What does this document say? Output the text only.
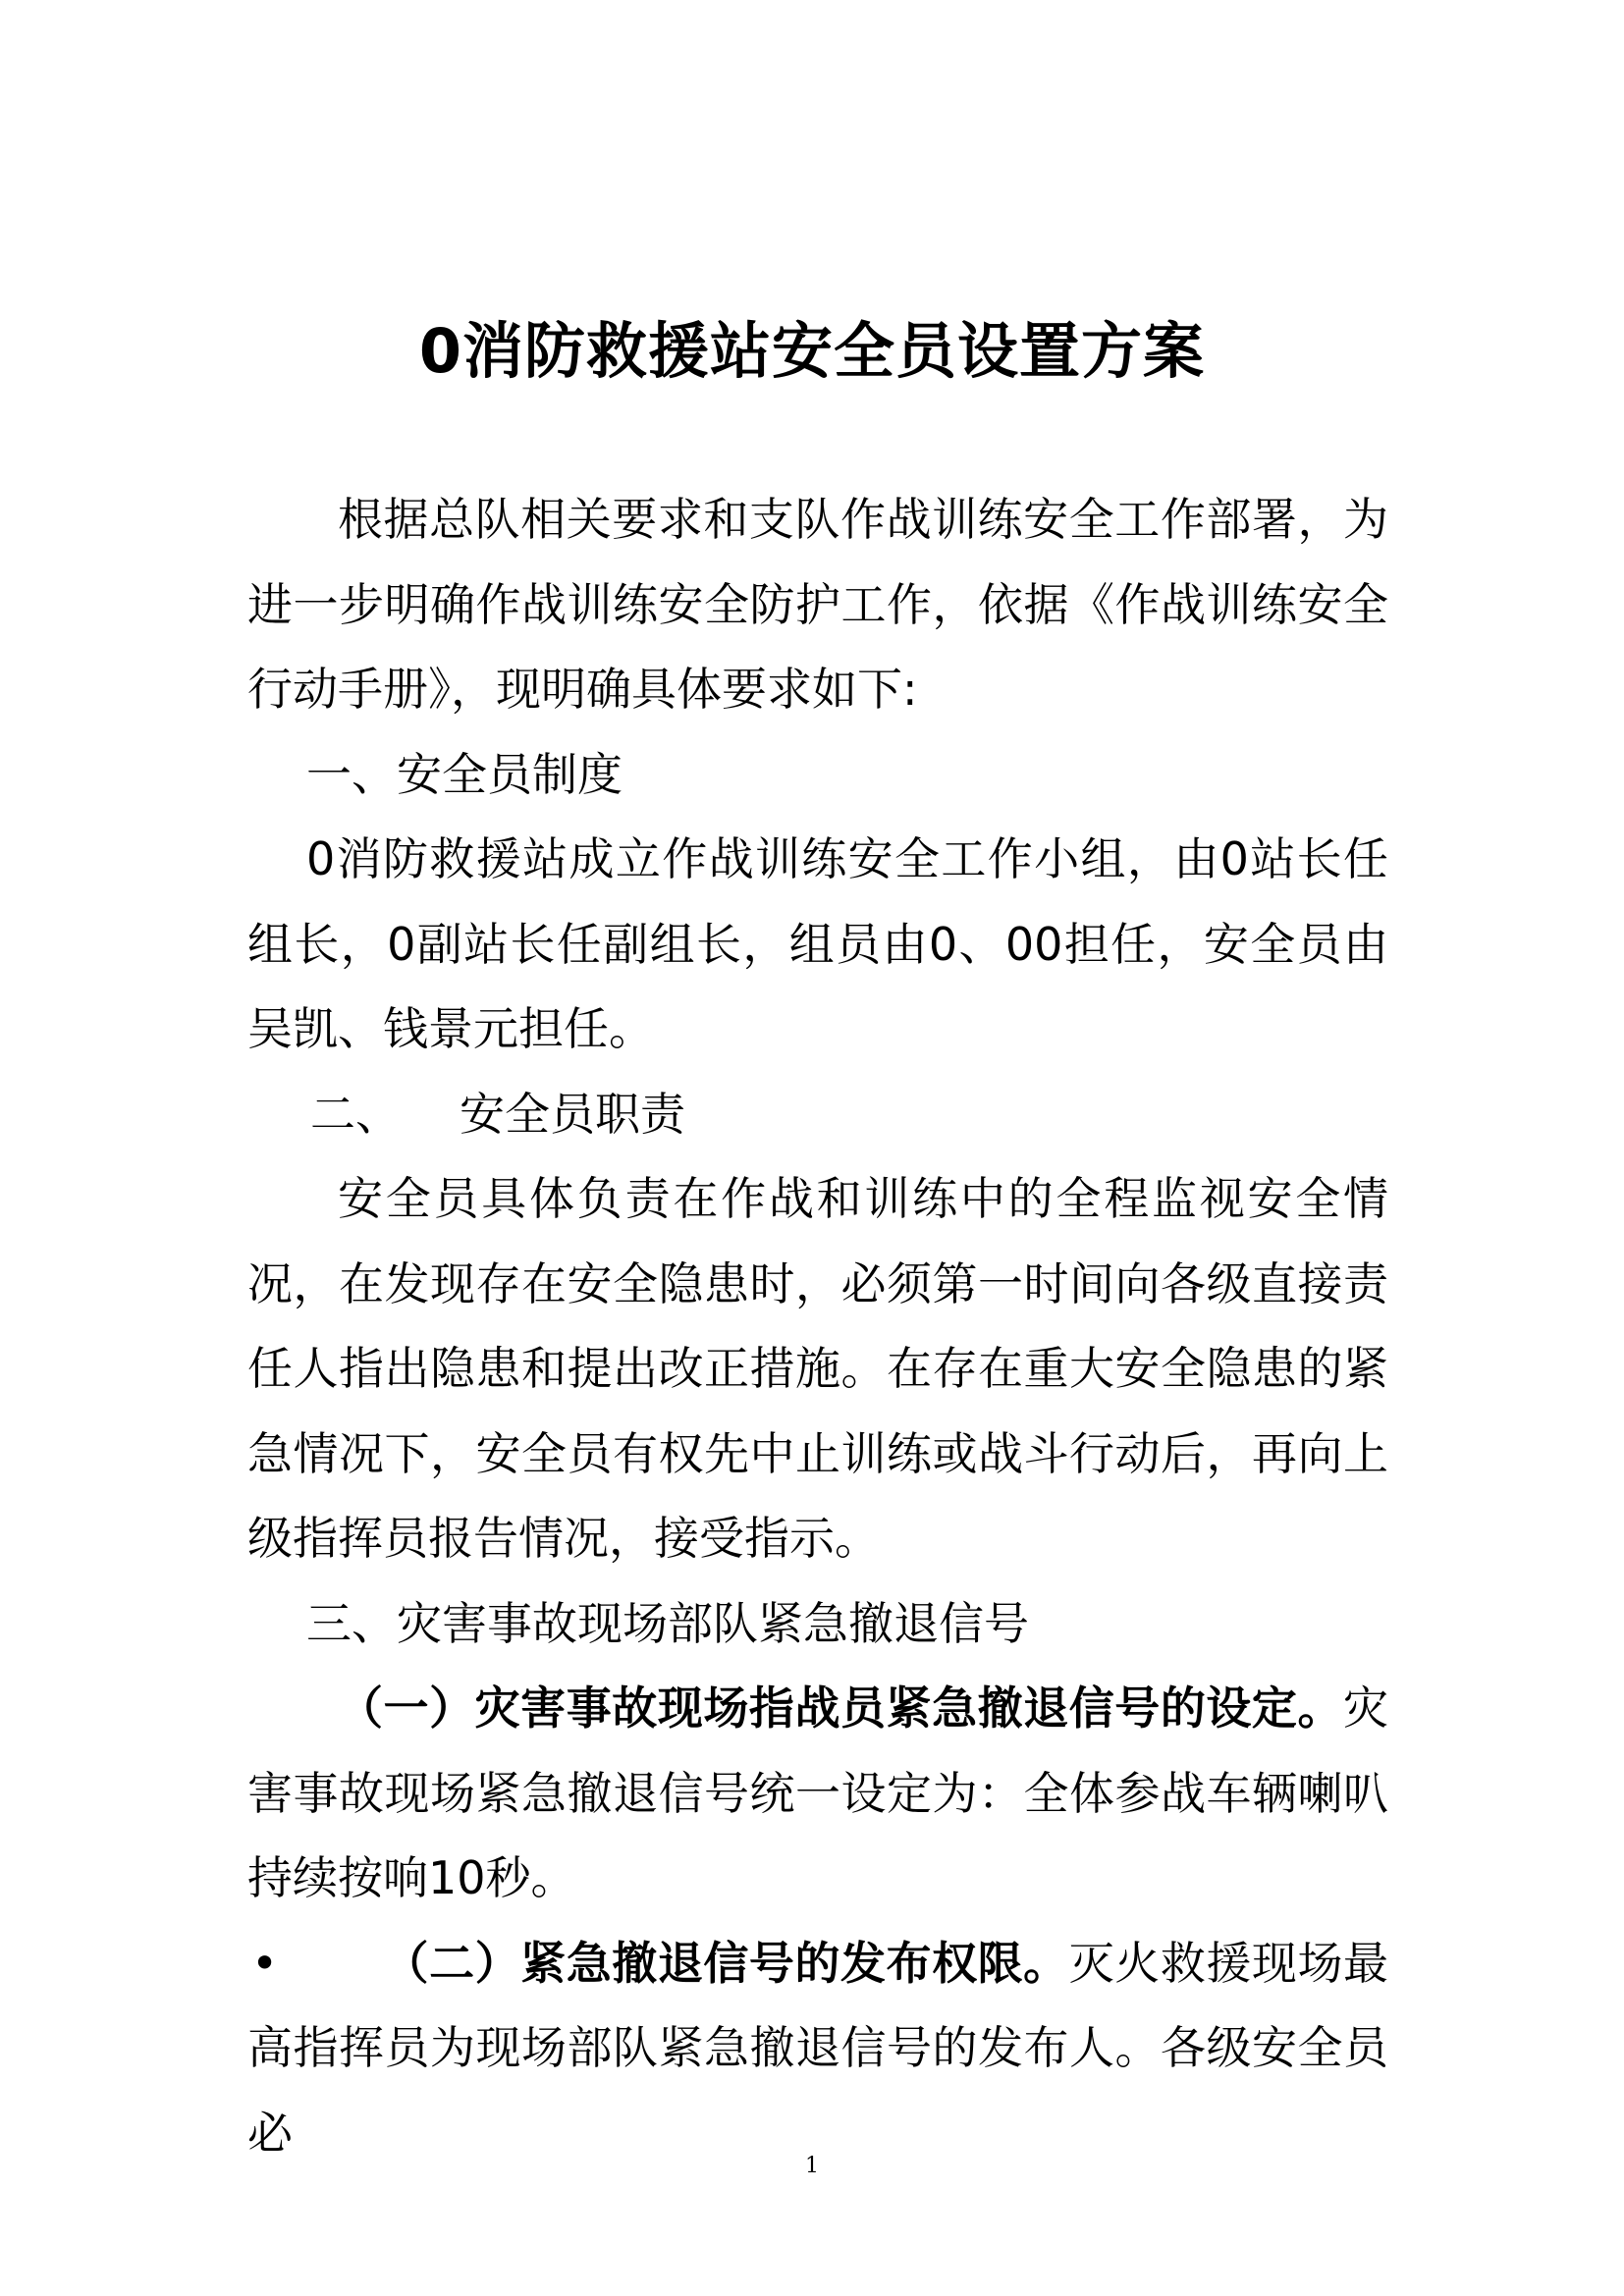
0消防救援站安全员设置方案

根据总队相关要求和支队作战训练安全工作部署，为进一步明确作战训练安全防护工作，依据《作战训练安全行动手册》，现明确具体要求如下:

一、安全员制度

0消防救援站成立作战训练安全工作小组，由0站长任组长，0副站长任副组长，组员由0、00担任，安全员由吴凯、钱景元担任。

二、 安全员职责

安全员具体负责在作战和训练中的全程监视安全情况，在发现存在安全隐患时，必须第一时间向各级直接责任人指出隐患和提出改正措施。在存在重大安全隐患的紧急情况下，安全员有权先中止训练或战斗行动后，再向上级指挥员报告情况，接受指示。

三、灾害事故现场部队紧急撤退信号

（一）灾害事故现场指战员紧急撤退信号的设定。灾害事故现场紧急撤退信号统一设定为：全体参战车辆喇叭持续按响10秒。

• （二）紧急撤退信号的发布权限。灭火救援现场最高指挥员为现场部队紧急撤退信号的发布人。各级安全员必

1
